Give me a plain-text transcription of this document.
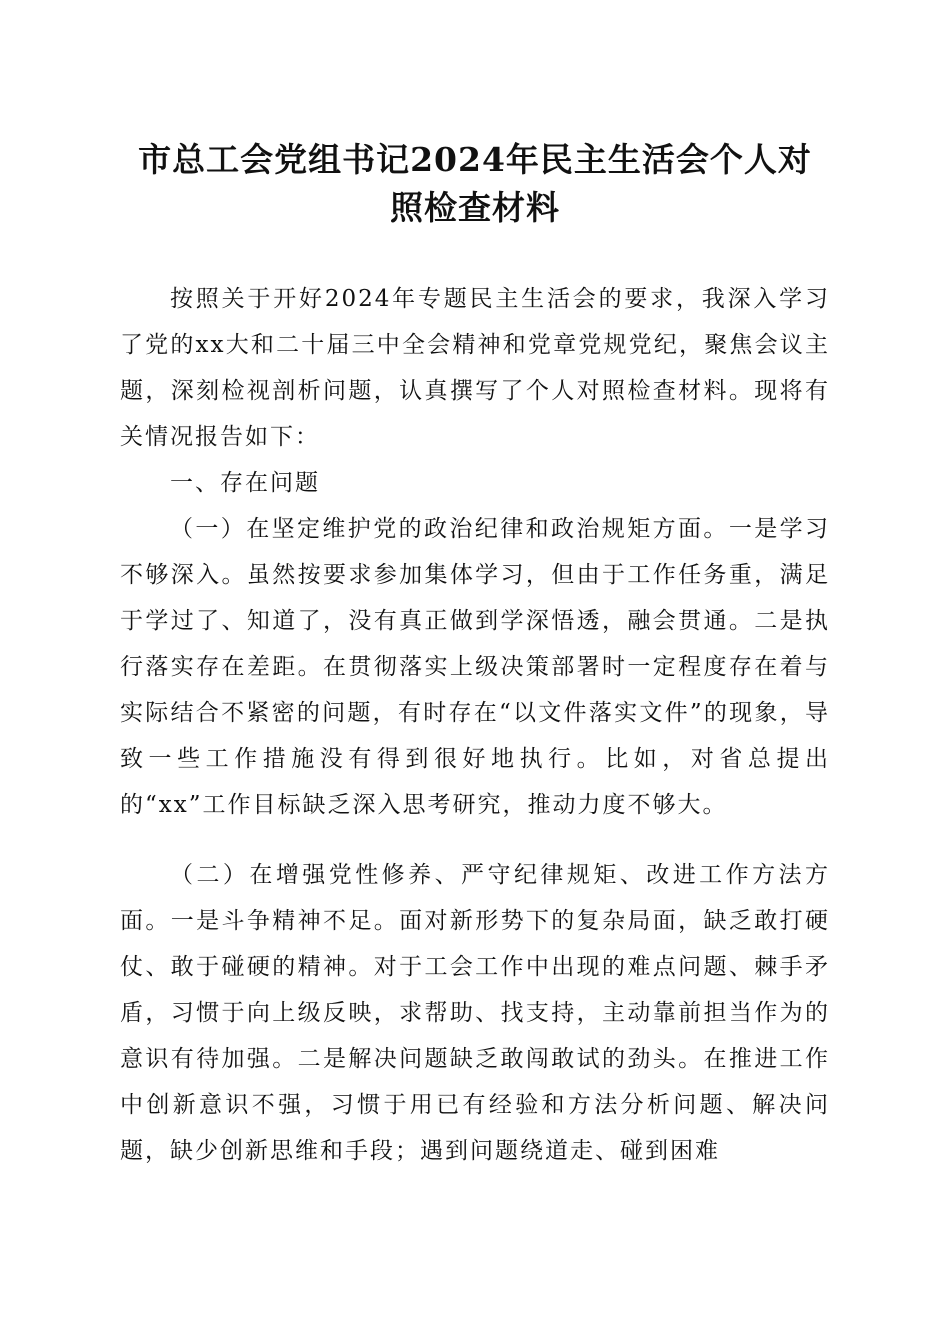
市总工会党组书记2024年民主生活会个人对
照检查材料

按照关于开好2024年专题民主生活会的要求，我深入学习了党的xx大和二十届三中全会精神和党章党规党纪，聚焦会议主题，深刻检视剖析问题，认真撰写了个人对照检查材料。现将有关情况报告如下：

一、存在问题

（一）在坚定维护党的政治纪律和政治规矩方面。一是学习不够深入。虽然按要求参加集体学习，但由于工作任务重，满足于学过了、知道了，没有真正做到学深悟透，融会贯通。二是执行落实存在差距。在贯彻落实上级决策部署时一定程度存在着与实际结合不紧密的问题，有时存在“以文件落实文件”的现象，导致一些工作措施没有得到很好地执行。比如，对省总提出的“xx”工作目标缺乏深入思考研究，推动力度不够大。

（二）在增强党性修养、严守纪律规矩、改进工作方法方面。一是斗争精神不足。面对新形势下的复杂局面，缺乏敢打硬仗、敢于碰硬的精神。对于工会工作中出现的难点问题、棘手矛盾，习惯于向上级反映，求帮助、找支持，主动靠前担当作为的意识有待加强。二是解决问题缺乏敢闯敢试的劲头。在推进工作中创新意识不强，习惯于用已有经验和方法分析问题、解决问题，缺少创新思维和手段；遇到问题绕道走、碰到困难
